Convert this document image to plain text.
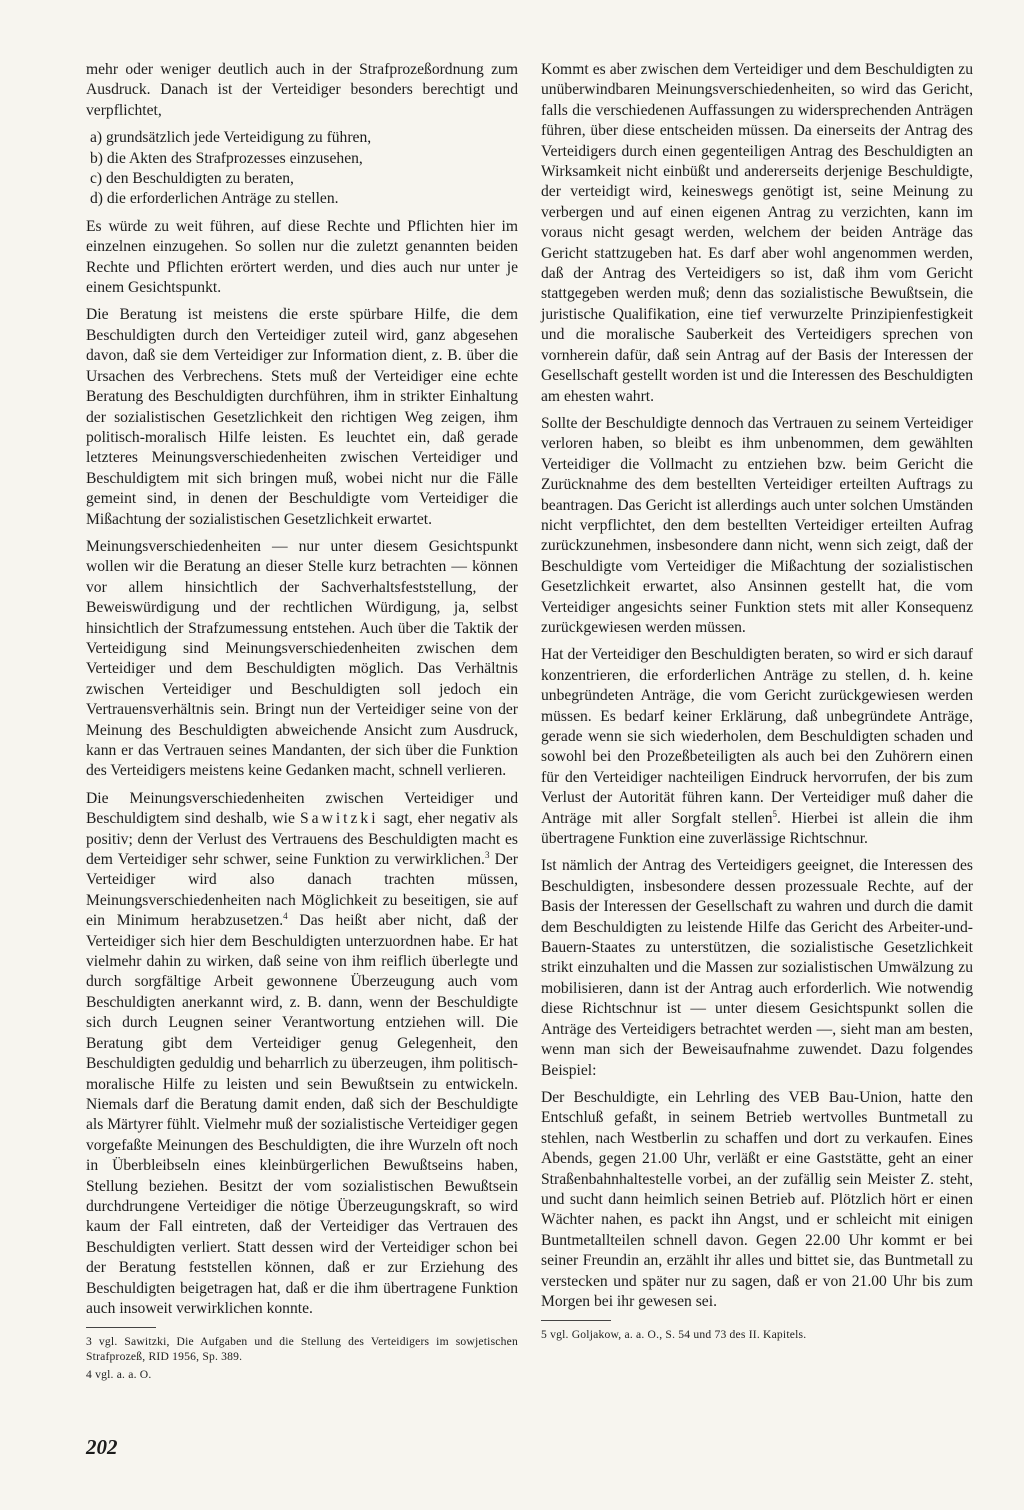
mehr oder weniger deutlich auch in der Strafprozeßordnung zum Ausdruck. Danach ist der Verteidiger besonders berechtigt und verpflichtet,

a) grundsätzlich jede Verteidigung zu führen,
b) die Akten des Strafprozesses einzusehen,
c) den Beschuldigten zu beraten,
d) die erforderlichen Anträge zu stellen.

Es würde zu weit führen, auf diese Rechte und Pflichten hier im einzelnen einzugehen. So sollen nur die zuletzt genannten beiden Rechte und Pflichten erörtert werden, und dies auch nur unter je einem Gesichtspunkt.

Die Beratung ist meistens die erste spürbare Hilfe, die dem Beschuldigten durch den Verteidiger zuteil wird, ganz abgesehen davon, daß sie dem Verteidiger zur Information dient, z. B. über die Ursachen des Verbrechens. Stets muß der Verteidiger eine echte Beratung des Beschuldigten durchführen, ihm in strikter Einhaltung der sozialistischen Gesetzlichkeit den richtigen Weg zeigen, ihm politisch-moralisch Hilfe leisten. Es leuchtet ein, daß gerade letzteres Meinungsverschiedenheiten zwischen Verteidiger und Beschuldigtem mit sich bringen muß, wobei nicht nur die Fälle gemeint sind, in denen der Beschuldigte vom Verteidiger die Mißachtung der sozialistischen Gesetzlichkeit erwartet.

Meinungsverschiedenheiten — nur unter diesem Gesichtspunkt wollen wir die Beratung an dieser Stelle kurz betrachten — können vor allem hinsichtlich der Sachverhaltsfeststellung, der Beweiswürdigung und der rechtlichen Würdigung, ja, selbst hinsichtlich der Strafzumessung entstehen. Auch über die Taktik der Verteidigung sind Meinungsverschiedenheiten zwischen dem Verteidiger und dem Beschuldigten möglich. Das Verhältnis zwischen Verteidiger und Beschuldigten soll jedoch ein Vertrauensverhältnis sein. Bringt nun der Verteidiger seine von der Meinung des Beschuldigten abweichende Ansicht zum Ausdruck, kann er das Vertrauen seines Mandanten, der sich über die Funktion des Verteidigers meistens keine Gedanken macht, schnell verlieren.

Die Meinungsverschiedenheiten zwischen Verteidiger und Beschuldigtem sind deshalb, wie Sawitzki sagt, eher negativ als positiv; denn der Verlust des Vertrauens des Beschuldigten macht es dem Verteidiger sehr schwer, seine Funktion zu verwirklichen.$^3$ Der Verteidiger wird also danach trachten müssen, Meinungsverschiedenheiten nach Möglichkeit zu beseitigen, sie auf ein Minimum herabzusetzen.$^4$ Das heißt aber nicht, daß der Verteidiger sich hier dem Beschuldigten unterzuordnen habe. Er hat vielmehr dahin zu wirken, daß seine von ihm reiflich überlegte und durch sorgfältige Arbeit gewonnene Überzeugung auch vom Beschuldigten anerkannt wird, z. B. dann, wenn der Beschuldigte sich durch Leugnen seiner Verantwortung entziehen will. Die Beratung gibt dem Verteidiger genug Gelegenheit, den Beschuldigten geduldig und beharrlich zu überzeugen, ihm politisch-moralische Hilfe zu leisten und sein Bewußtsein zu entwickeln. Niemals darf die Beratung damit enden, daß sich der Beschuldigte als Märtyrer fühlt. Vielmehr muß der sozialistische Verteidiger gegen vorgefaßte Meinungen des Beschuldigten, die ihre Wurzeln oft noch in Überbleibseln eines kleinbürgerlichen Bewußtseins haben, Stellung beziehen. Besitzt der vom sozialistischen Bewußtsein durchdrungene Verteidiger die nötige Überzeugungskraft, so wird kaum der Fall eintreten, daß der Verteidiger das Vertrauen des Beschuldigten verliert. Statt dessen wird der Verteidiger schon bei der Beratung feststellen können, daß er zur Erziehung des Beschuldigten beigetragen hat, daß er die ihm übertragene Funktion auch insoweit verwirklichen konnte.

3 vgl. Sawitzki, Die Aufgaben und die Stellung des Verteidigers im sowjetischen Strafprozeß, RID 1956, Sp. 389.

4 vgl. a. a. O.

Kommt es aber zwischen dem Verteidiger und dem Beschuldigten zu unüberwindbaren Meinungsverschiedenheiten, so wird das Gericht, falls die verschiedenen Auffassungen zu widersprechenden Anträgen führen, über diese entscheiden müssen. Da einerseits der Antrag des Verteidigers durch einen gegenteiligen Antrag des Beschuldigten an Wirksamkeit nicht einbüßt und andererseits derjenige Beschuldigte, der verteidigt wird, keineswegs genötigt ist, seine Meinung zu verbergen und auf einen eigenen Antrag zu verzichten, kann im voraus nicht gesagt werden, welchem der beiden Anträge das Gericht stattzugeben hat. Es darf aber wohl angenommen werden, daß der Antrag des Verteidigers so ist, daß ihm vom Gericht stattgegeben werden muß; denn das sozialistische Bewußtsein, die juristische Qualifikation, eine tief verwurzelte Prinzipienfestigkeit und die moralische Sauberkeit des Verteidigers sprechen von vornherein dafür, daß sein Antrag auf der Basis der Interessen der Gesellschaft gestellt worden ist und die Interessen des Beschuldigten am ehesten wahrt.

Sollte der Beschuldigte dennoch das Vertrauen zu seinem Verteidiger verloren haben, so bleibt es ihm unbenommen, dem gewählten Verteidiger die Vollmacht zu entziehen bzw. beim Gericht die Zurücknahme des dem bestellten Verteidiger erteilten Auftrags zu beantragen. Das Gericht ist allerdings auch unter solchen Umständen nicht verpflichtet, den dem bestellten Verteidiger erteilten Aufrag zurückzunehmen, insbesondere dann nicht, wenn sich zeigt, daß der Beschuldigte vom Verteidiger die Mißachtung der sozialistischen Gesetzlichkeit erwartet, also Ansinnen gestellt hat, die vom Verteidiger angesichts seiner Funktion stets mit aller Konsequenz zurückgewiesen werden müssen.

Hat der Verteidiger den Beschuldigten beraten, so wird er sich darauf konzentrieren, die erforderlichen Anträge zu stellen, d. h. keine unbegründeten Anträge, die vom Gericht zurückgewiesen werden müssen. Es bedarf keiner Erklärung, daß unbegründete Anträge, gerade wenn sie sich wiederholen, dem Beschuldigten schaden und sowohl bei den Prozeßbeteiligten als auch bei den Zuhörern einen für den Verteidiger nachteiligen Eindruck hervorrufen, der bis zum Verlust der Autorität führen kann. Der Verteidiger muß daher die Anträge mit aller Sorgfalt stellen$^5$. Hierbei ist allein die ihm übertragene Funktion eine zuverlässige Richtschnur.

Ist nämlich der Antrag des Verteidigers geeignet, die Interessen des Beschuldigten, insbesondere dessen prozessuale Rechte, auf der Basis der Interessen der Gesellschaft zu wahren und durch die damit dem Beschuldigten zu leistende Hilfe das Gericht des Arbeiter-und-Bauern-Staates zu unterstützen, die sozialistische Gesetzlichkeit strikt einzuhalten und die Massen zur sozialistischen Umwälzung zu mobilisieren, dann ist der Antrag auch erforderlich. Wie notwendig diese Richtschnur ist — unter diesem Gesichtspunkt sollen die Anträge des Verteidigers betrachtet werden —, sieht man am besten, wenn man sich der Beweisaufnahme zuwendet. Dazu folgendes Beispiel:

Der Beschuldigte, ein Lehrling des VEB Bau-Union, hatte den Entschluß gefaßt, in seinem Betrieb wertvolles Buntmetall zu stehlen, nach Westberlin zu schaffen und dort zu verkaufen. Eines Abends, gegen 21.00 Uhr, verläßt er eine Gaststätte, geht an einer Straßenbahnhaltestelle vorbei, an der zufällig sein Meister Z. steht, und sucht dann heimlich seinen Betrieb auf. Plötzlich hört er einen Wächter nahen, es packt ihn Angst, und er schleicht mit einigen Buntmetallteilen schnell davon. Gegen 22.00 Uhr kommt er bei seiner Freundin an, erzählt ihr alles und bittet sie, das Buntmetall zu verstecken und später nur zu sagen, daß er von 21.00 Uhr bis zum Morgen bei ihr gewesen sei.

5 vgl. Goljakow, a. a. O., S. 54 und 73 des II. Kapitels.

202
